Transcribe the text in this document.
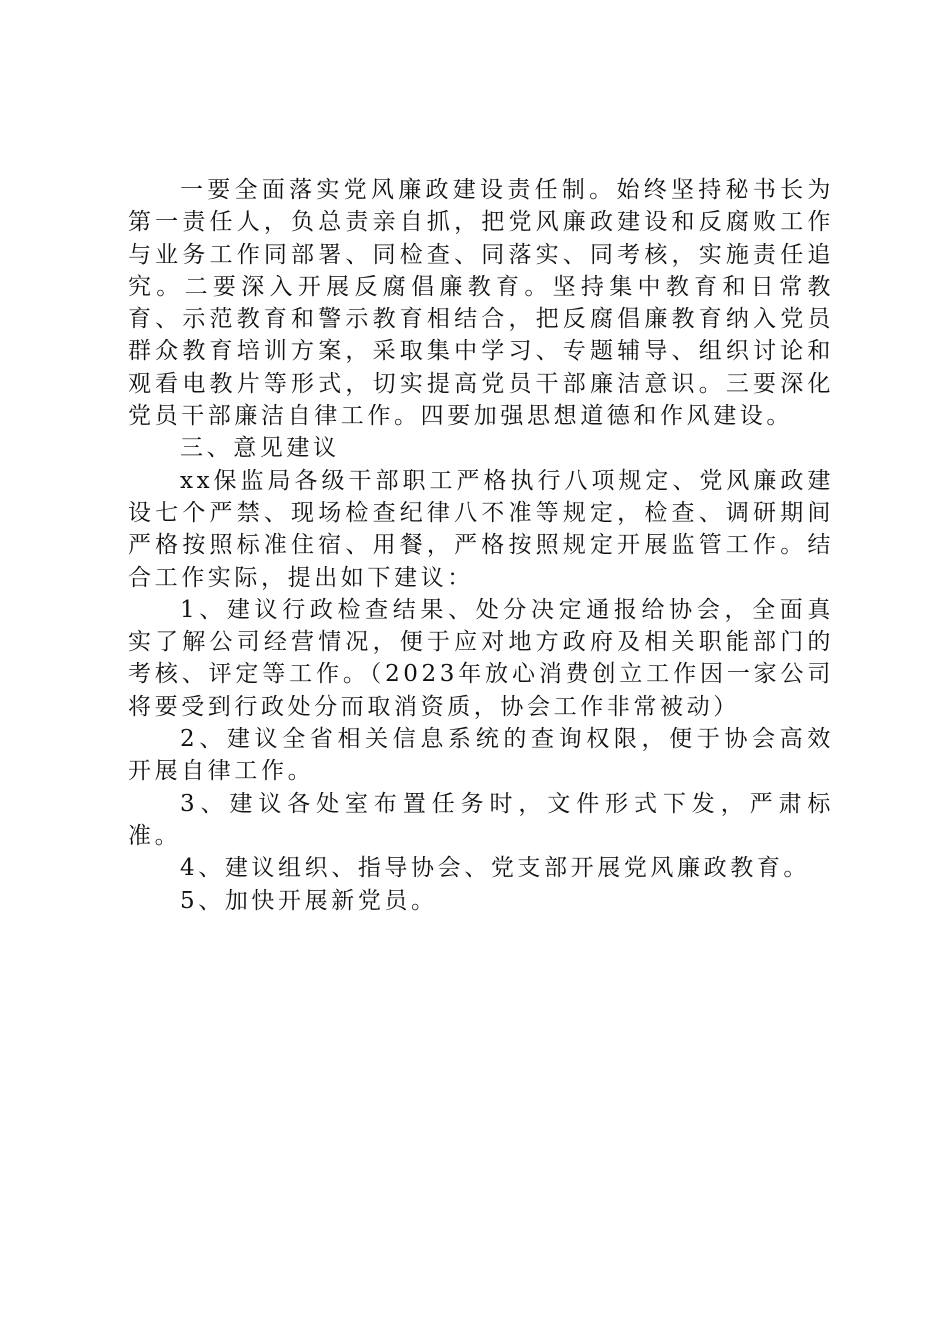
一要全面落实党风廉政建设责任制。始终坚持秘书长为第一责任人，负总责亲自抓，把党风廉政建设和反腐败工作与业务工作同部署、同检查、同落实、同考核，实施责任追究。二要深入开展反腐倡廉教育。坚持集中教育和日常教育、示范教育和警示教育相结合，把反腐倡廉教育纳入党员群众教育培训方案，采取集中学习、专题辅导、组织讨论和观看电教片等形式，切实提高党员干部廉洁意识。三要深化党员干部廉洁自律工作。四要加强思想道德和作风建设。

三、意见建议

xx保监局各级干部职工严格执行八项规定、党风廉政建设七个严禁、现场检查纪律八不准等规定，检查、调研期间严格按照标准住宿、用餐，严格按照规定开展监管工作。结合工作实际，提出如下建议：

1、建议行政检查结果、处分决定通报给协会，全面真实了解公司经营情况，便于应对地方政府及相关职能部门的考核、评定等工作。（2023年放心消费创立工作因一家公司将要受到行政处分而取消资质，协会工作非常被动）

2、建议全省相关信息系统的查询权限，便于协会高效开展自律工作。

3、建议各处室布置任务时，文件形式下发，严肃标准。

4、建议组织、指导协会、党支部开展党风廉政教育。

5、加快开展新党员。
